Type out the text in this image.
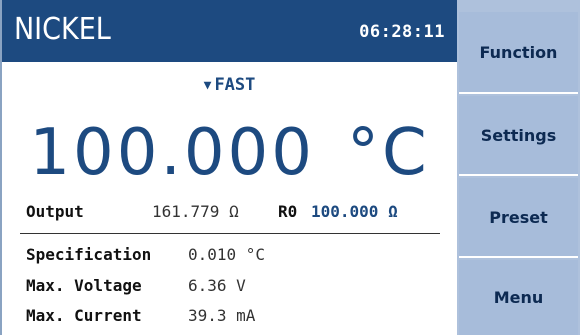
NICKEL	06:28:11
▼ FAST
100.000 °C
Output	161.779 Ω R0 100.000 Ω
Specification 0.010 °C
Max. Voltage	6.36 V
Max. Current	39.3 mA
Function
Settings
Preset
Menu
